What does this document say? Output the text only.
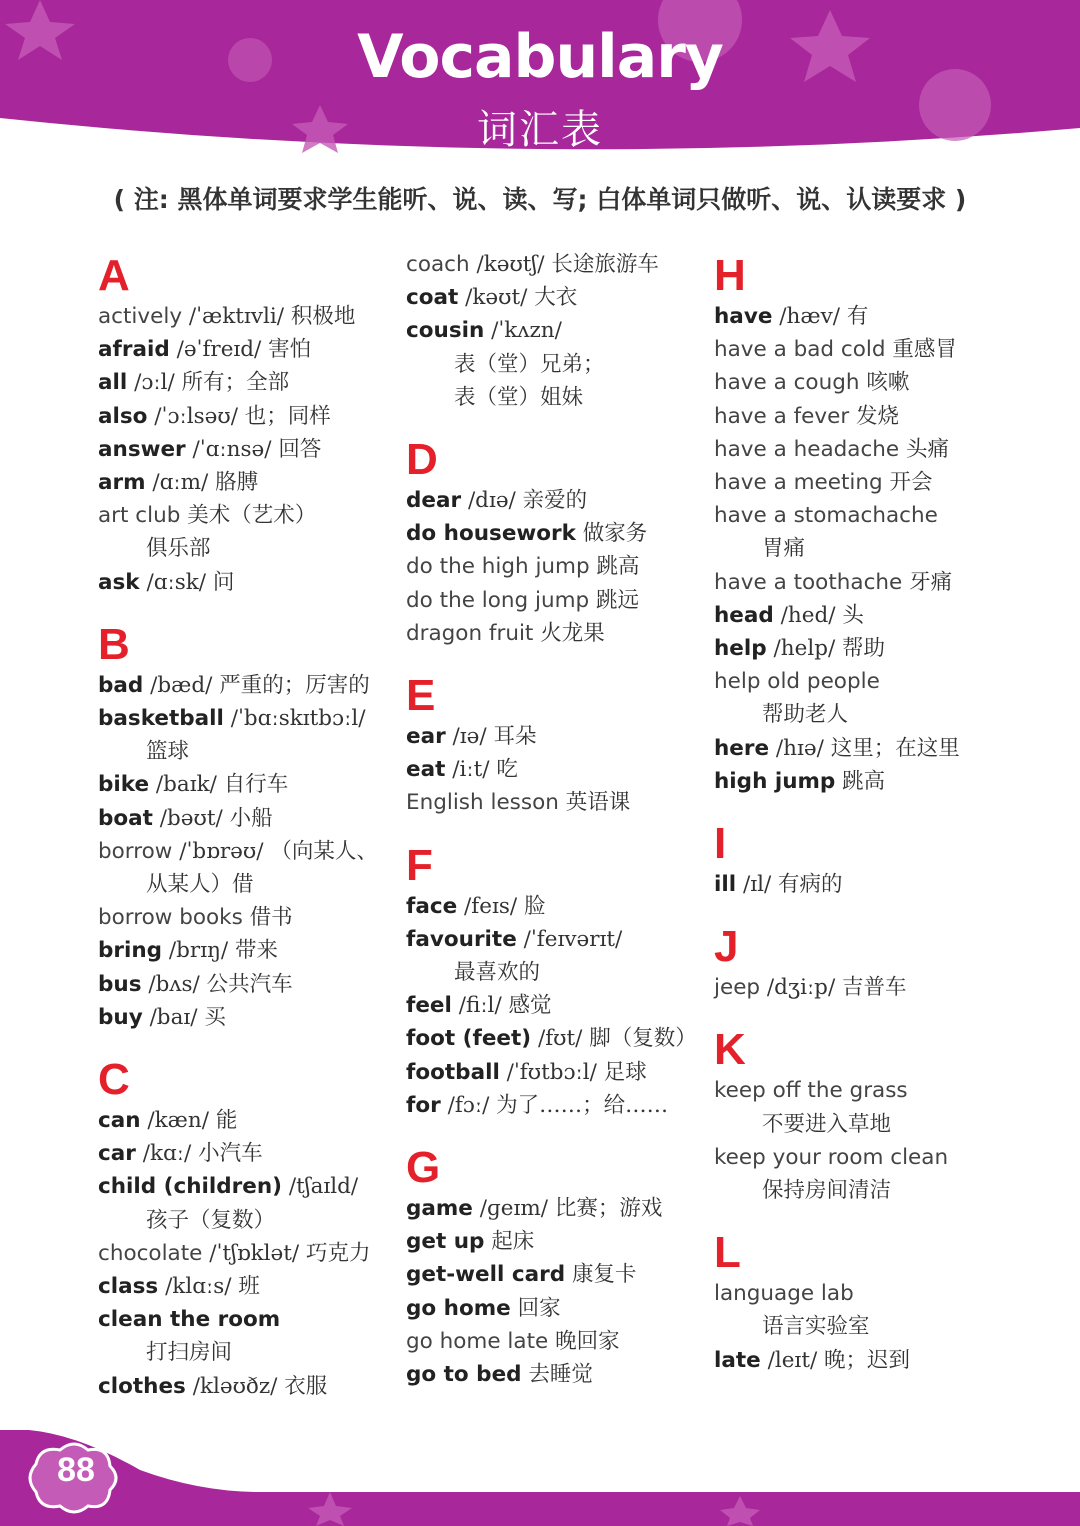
Vocabulary
词汇表
( 注: 黑体单词要求学生能听、说、读、写; 白体单词只做听、说、认读要求 )
A
actively /ˈæktɪvli/ 积极地
afraid /əˈfreɪd/ 害怕
all /ɔːl/ 所有；全部
also /ˈɔːlsəʊ/ 也；同样
answer /ˈɑːnsə/ 回答
arm /ɑːm/ 胳膊
art club 美术（艺术）
俱乐部
ask /ɑːsk/ 问
B
bad /bæd/ 严重的；厉害的
basketball /ˈbɑːskɪtbɔːl/
篮球
bike /baɪk/ 自行车
boat /bəʊt/ 小船
borrow /ˈbɒrəʊ/ （向某人、
从某人）借
borrow books 借书
bring /brɪŋ/ 带来
bus /bʌs/ 公共汽车
buy /baɪ/ 买
C
can /kæn/ 能
car /kɑː/ 小汽车
child (children) /tʃaɪld/
孩子（复数）
chocolate /ˈtʃɒklət/ 巧克力
class /klɑːs/ 班
clean the room
打扫房间
clothes /kləʊðz/ 衣服
coach /kəʊtʃ/ 长途旅游车
coat /kəʊt/ 大衣
cousin /ˈkʌzn/
表（堂）兄弟；
表（堂）姐妹
D
dear /dɪə/ 亲爱的
do housework 做家务
do the high jump 跳高
do the long jump 跳远
dragon fruit 火龙果
E
ear /ɪə/ 耳朵
eat /iːt/ 吃
English lesson 英语课
F
face /feɪs/ 脸
favourite /ˈfeɪvərɪt/
最喜欢的
feel /fiːl/ 感觉
foot (feet) /fʊt/ 脚（复数）
football /ˈfʊtbɔːl/ 足球
for /fɔː/ 为了……；给……
G
game /ɡeɪm/ 比赛；游戏
get up 起床
get-well card 康复卡
go home 回家
go home late 晚回家
go to bed 去睡觉
H
have /hæv/ 有
have a bad cold 重感冒
have a cough 咳嗽
have a fever 发烧
have a headache 头痛
have a meeting 开会
have a stomachache
胃痛
have a toothache 牙痛
head /hed/ 头
help /help/ 帮助
help old people
帮助老人
here /hɪə/ 这里；在这里
high jump 跳高
I
ill /ɪl/ 有病的
J
jeep /dʒiːp/ 吉普车
K
keep off the grass
不要进入草地
keep your room clean
保持房间清洁
L
language lab
语言实验室
late /leɪt/ 晚；迟到
88
